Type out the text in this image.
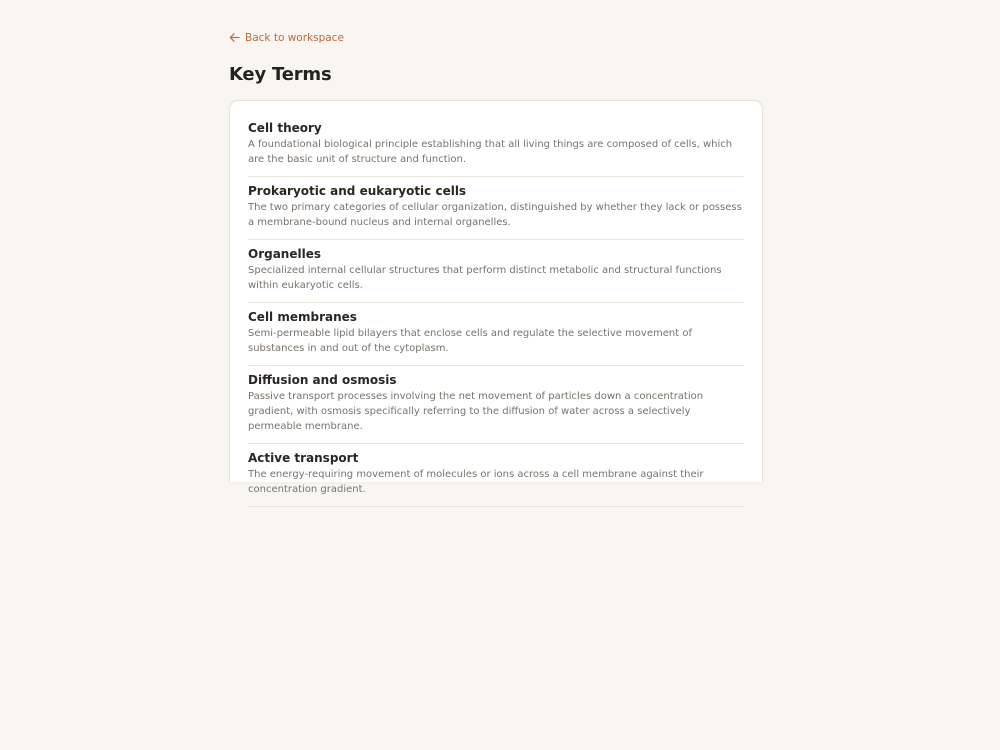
Back to workspace
Key Terms
Cell theory
A foundational biological principle establishing that all living things are composed of cells, which are the basic unit of structure and function.
Prokaryotic and eukaryotic cells
The two primary categories of cellular organization, distinguished by whether they lack or possess a membrane-bound nucleus and internal organelles.
Organelles
Specialized internal cellular structures that perform distinct metabolic and structural functions within eukaryotic cells.
Cell membranes
Semi-permeable lipid bilayers that enclose cells and regulate the selective movement of substances in and out of the cytoplasm.
Diffusion and osmosis
Passive transport processes involving the net movement of particles down a concentration gradient, with osmosis specifically referring to the diffusion of water across a selectively permeable membrane.
Active transport
The energy-requiring movement of molecules or ions across a cell membrane against their concentration gradient.
